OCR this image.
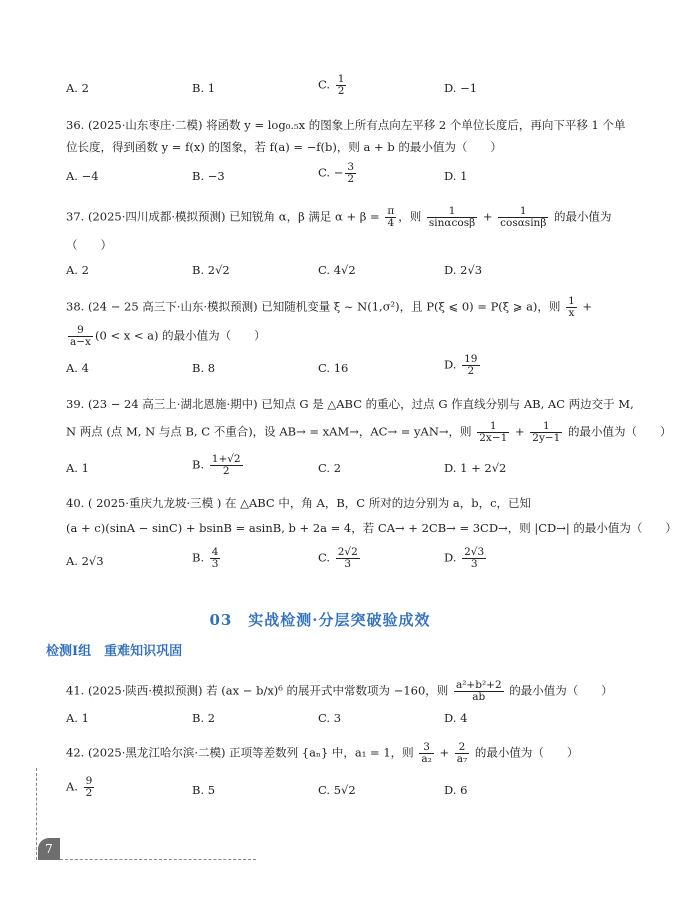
A. 2	B. 1	C. $\frac{1}{2}$	D. −1
36. (2025·山东枣庄·二模) 将函数 y = log₀.₅x 的图象上所有点向左平移 2 个单位长度后，再向下平移 1 个单
位长度，得到函数 y = f(x) 的图象，若 f(a) = −f(b)，则 a + b 的最小值为（　　）
A. −4	B. −3	C. − $\frac{3}{2}$	D. 1
37. (2025·四川成都·模拟预测) 已知锐角 α，β 满足 $\alpha + \beta = \frac{\pi}{4}$ ，则 $\frac{1}{\sin\alpha\cos\beta} + \frac{1}{\cos\alpha\sin\beta}$ 的最小值为
（　　）
A. 2	B. 2√2	C. 4√2	D. 2√3
38. (24 − 25 高三下·山东·模拟预测) 已知随机变量 ξ ~ N(1,σ²)，且 P(ξ ⩽ 0) = P(ξ ⩾ a)，则 $\frac{1}{x}$ +
$\frac{9}{a-x} (0 < x < a)$ 的最小值为（　　）
A. 4	B. 8	C. 16	D. $\frac{19}{2}$
39. (23 − 24 高三上·湖北恩施·期中) 已知点 G 是 △ABC 的重心，过点 G 作直线分别与 AB, AC 两边交于 M,
N 两点 (点 M, N 与点 B, C 不重合)，设 AB→ = xAM→，AC→ = yAN→，则 $\frac{1}{2x-1} + \frac{1}{2y-1}$ 的最小值为（　　）
A. 1	B. $\frac{1+√2}{2}$	C. 2	D. 1 + 2√2
40. ( 2025·重庆九龙坡·三模 ) 在 △ABC 中，角 A，B，C 所对的边分别为 a，b，c，已知
(a + c)(sinA − sinC) + bsinB = asinB, b + 2a = 4，若 CA→ + 2CB→ = 3CD→，则 |CD→| 的最小值为（　　）
A. 2√3	B. $\frac{4}{3}$	C. $\frac{2√2}{3}$	D. $\frac{2√3}{3}$
03　实战检测·分层突破验成效
检测Ⅰ组　重难知识巩固
41. (2025·陕西·模拟预测) 若 (ax − b/x)⁶ 的展开式中常数项为 −160，则 $\frac{\text{a²+b²+2}}{ab}$ 的最小值为（　　）
A. 1	B. 2	C. 3	D. 4
42. (2025·黑龙江哈尔滨·二模) 正项等差数列 {aₙ} 中，a₁ = 1，则 $\frac{3}{\text{a₂}} + \frac{2}{\text{a₇}}$ 的最小值为（　　）
A. $\frac{9}{2}$	B. 5	C. 5√2	D. 6
7
